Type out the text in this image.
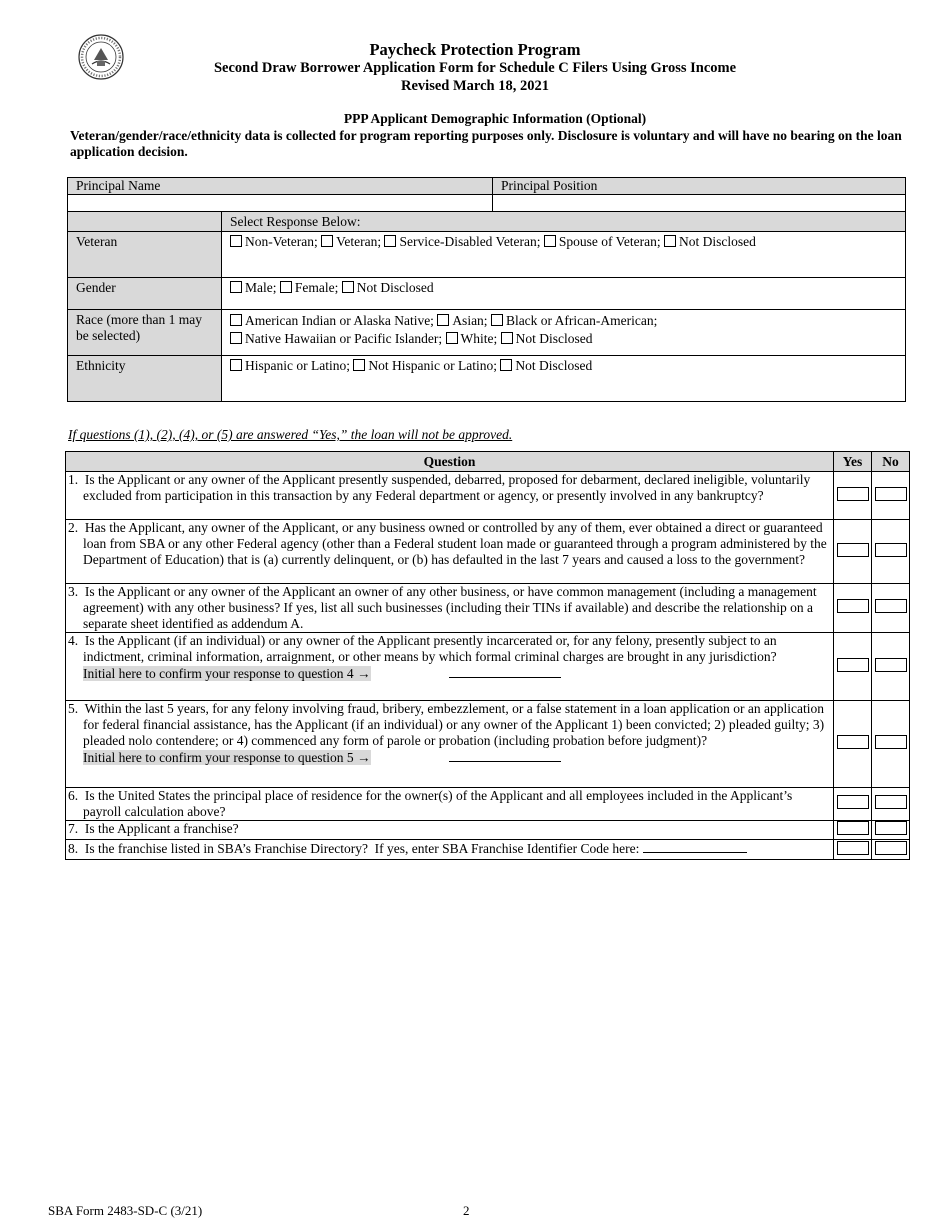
Paycheck Protection Program
Second Draw Borrower Application Form for Schedule C Filers Using Gross Income
Revised March 18, 2021
PPP Applicant Demographic Information (Optional)
Veteran/gender/race/ethnicity data is collected for program reporting purposes only. Disclosure is voluntary and will have no bearing on the loan application decision.
Principal Name		Principal Position

	Select Response Below:	
Veteran	Non-Veteran; Veteran; Service-Disabled Veteran; Spouse of Veteran; Not Disclosed	
Gender	Male; Female; Not Disclosed	
Race (more than 1 may be selected)	American Indian or Alaska Native; Asian; Black or African-American;
Native Hawaiian or Pacific Islander; White; Not Disclosed	
Ethnicity	Hispanic or Latino; Not Hispanic or Latino; Not Disclosed	
If questions (1), (2), (4), or (5) are answered “Yes,” the loan will not be approved.
Question	Yes	No
1.  Is the Applicant or any owner of the Applicant presently suspended, debarred, proposed for debarment, declared ineligible, voluntarily excluded from participation in this transaction by any Federal department or agency, or presently involved in any bankruptcy?		
2.  Has the Applicant, any owner of the Applicant, or any business owned or controlled by any of them, ever obtained a direct or guaranteed loan from SBA or any other Federal agency (other than a Federal student loan made or guaranteed through a program administered by the Department of Education) that is (a) currently delinquent, or (b) has defaulted in the last 7 years and caused a loss to the government?		
3.  Is the Applicant or any owner of the Applicant an owner of any other business, or have common management (including a management agreement) with any other business? If yes, list all such businesses (including their TINs if available) and describe the relationship on a separate sheet identified as addendum A.		
4.  Is the Applicant (if an individual) or any owner of the Applicant presently incarcerated or, for any felony, presently subject to an indictment, criminal information, arraignment, or other means by which formal criminal charges are brought in any jurisdiction?
Initial here to confirm your response to question 4 →		
5.  Within the last 5 years, for any felony involving fraud, bribery, embezzlement, or a false statement in a loan application or an application for federal financial assistance, has the Applicant (if an individual) or any owner of the Applicant 1) been convicted; 2) pleaded guilty; 3) pleaded nolo contendere; or 4) commenced any form of parole or probation (including probation before judgment)?
Initial here to confirm your response to question 5 →		
6.  Is the United States the principal place of residence for the owner(s) of the Applicant and all employees included in the Applicant’s payroll calculation above?		
7.  Is the Applicant a franchise?		
8.  Is the franchise listed in SBA’s Franchise Directory?  If yes, enter SBA Franchise Identifier Code here:		
SBA Form 2483-SD-C (3/21)	2
